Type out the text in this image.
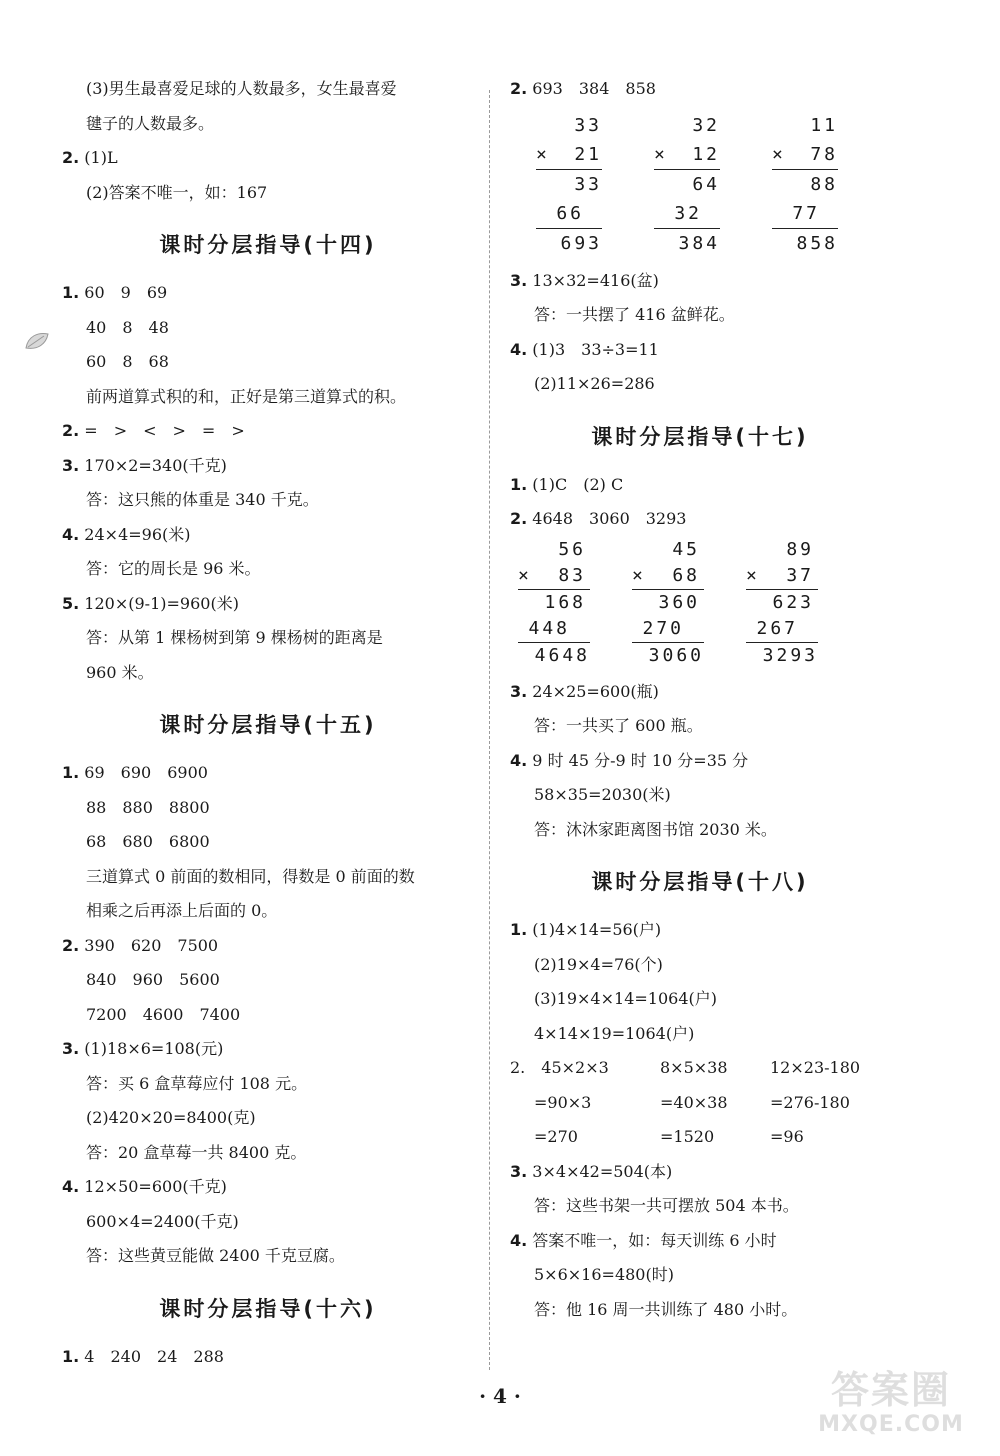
(3)男生最喜爱足球的人数最多，女生最喜爱
毽子的人数最多。
2. (1)L
(2)答案不唯一，如：167
课时分层指导(十四)
1. 60　9　69
40　8　48
60　8　68
前两道算式积的和，正好是第三道算式的积。
2. =　>　<　>　=　>
3. 170×2=340(千克)
答：这只熊的体重是 340 千克。
4. 24×4=96(米)
答：它的周长是 96 米。
5. 120×(9-1)=960(米)
答：从第 1 棵杨树到第 9 棵杨树的距离是
960 米。
课时分层指导(十五)
1. 69　690　6900
88　880　8800
68　680　6800
三道算式 0 前面的数相同，得数是 0 前面的数
相乘之后再添上后面的 0。
2. 390　620　7500
840　960　5600
7200　4600　7400
3. (1)18×6=108(元)
答：买 6 盒草莓应付 108 元。
(2)420×20=8400(克)
答：20 盒草莓一共 8400 克。
4. 12×50=600(千克)
600×4=2400(千克)
答：这些黄豆能做 2400 千克豆腐。
课时分层指导(十六)
1. 4　240　24　288
2. 693　384　858
33
× 21
33
66
693
32
× 12
64
32
384
11
× 78
88
77
858
3. 13×32=416(盆)
答：一共摆了 416 盆鲜花。
4. (1)3　33÷3=11
(2)11×26=286
课时分层指导(十七)
1. (1)C　(2) C
2. 4648　3060　3293
56
× 83
168
448
4648
45
× 68
360
270
3060
89
× 37
623
267
3293
3. 24×25=600(瓶)
答：一共买了 600 瓶。
4. 9 时 45 分-9 时 10 分=35 分
58×35=2030(米)
答：沐沐家距离图书馆 2030 米。
课时分层指导(十八)
1. (1)4×14=56(户)
(2)19×4=76(个)
(3)19×4×14=1064(户)
4×14×19=1064(户)
2.　45×2×3	8×5×38	12×23-180
=90×3	=40×38	=276-180
=270	=1520	=96
3. 3×4×42=504(本)
答：这些书架一共可摆放 504 本书。
4. 答案不唯一，如：每天训练 6 小时
5×6×16=480(时)
答：他 16 周一共训练了 480 小时。
· 4 ·	答案圈
MXQE.COM
